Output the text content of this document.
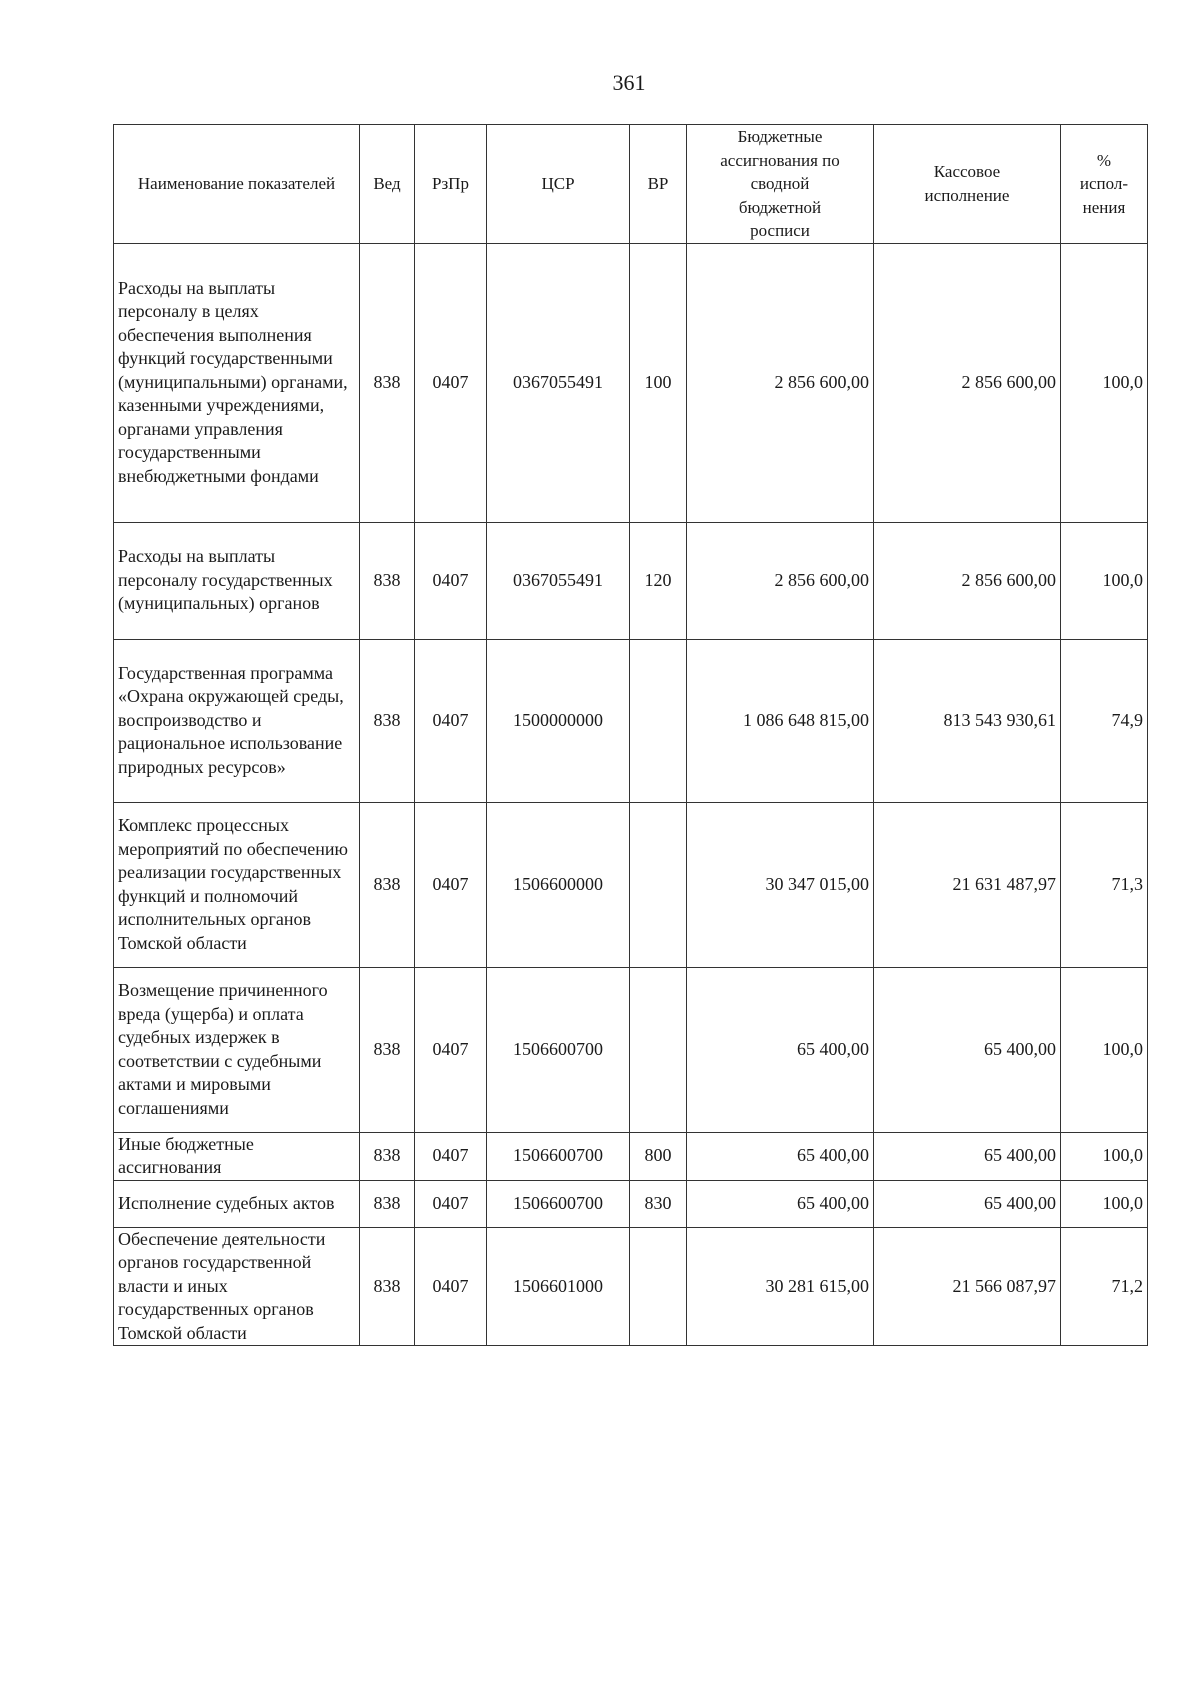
361
Наименование показателей	Вед	РзПр	ЦСР	ВР	Бюджетные ассигнования по сводной бюджетной росписи	Кассовое исполнение	% испол-нения
Расходы на выплаты персоналу в целях обеспечения выполнения функций государственными (муниципальными) органами, казенными учреждениями, органами управления государственными внебюджетными фондами	838	0407	0367055491	100	2 856 600,00	2 856 600,00	100,0
Расходы на выплаты персоналу государственных (муниципальных) органов	838	0407	0367055491	120	2 856 600,00	2 856 600,00	100,0
Государственная программа «Охрана окружающей среды, воспроизводство и рациональное использование природных ресурсов»	838	0407	1500000000		1 086 648 815,00	813 543 930,61	74,9
Комплекс процессных мероприятий по обеспечению реализации государственных функций и полномочий исполнительных органов Томской области	838	0407	1506600000		30 347 015,00	21 631 487,97	71,3
Возмещение причиненного вреда (ущерба) и оплата судебных издержек в соответствии с судебными актами и мировыми соглашениями	838	0407	1506600700		65 400,00	65 400,00	100,0
Иные бюджетные ассигнования	838	0407	1506600700	800	65 400,00	65 400,00	100,0
Исполнение судебных актов	838	0407	1506600700	830	65 400,00	65 400,00	100,0
Обеспечение деятельности органов государственной власти и иных государственных органов Томской области	838	0407	1506601000		30 281 615,00	21 566 087,97	71,2
